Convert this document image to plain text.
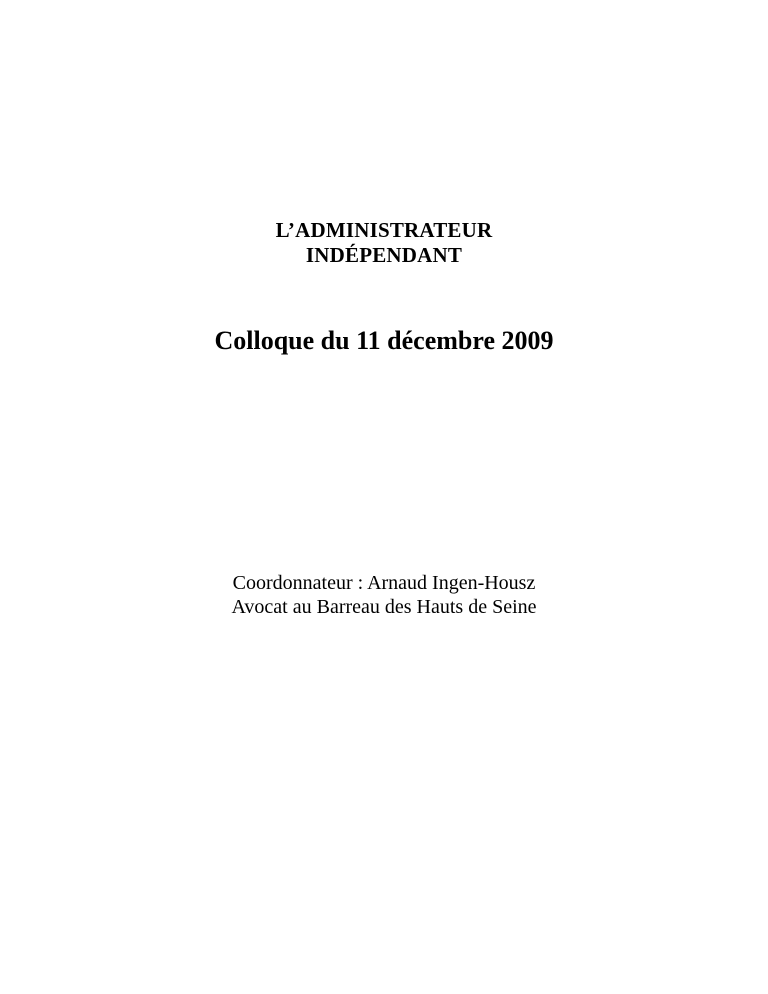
L’ADMINISTRATEUR
INDÉPENDANT
Colloque du 11 décembre 2009
Coordonnateur : Arnaud Ingen-Housz
Avocat au Barreau des Hauts de Seine
